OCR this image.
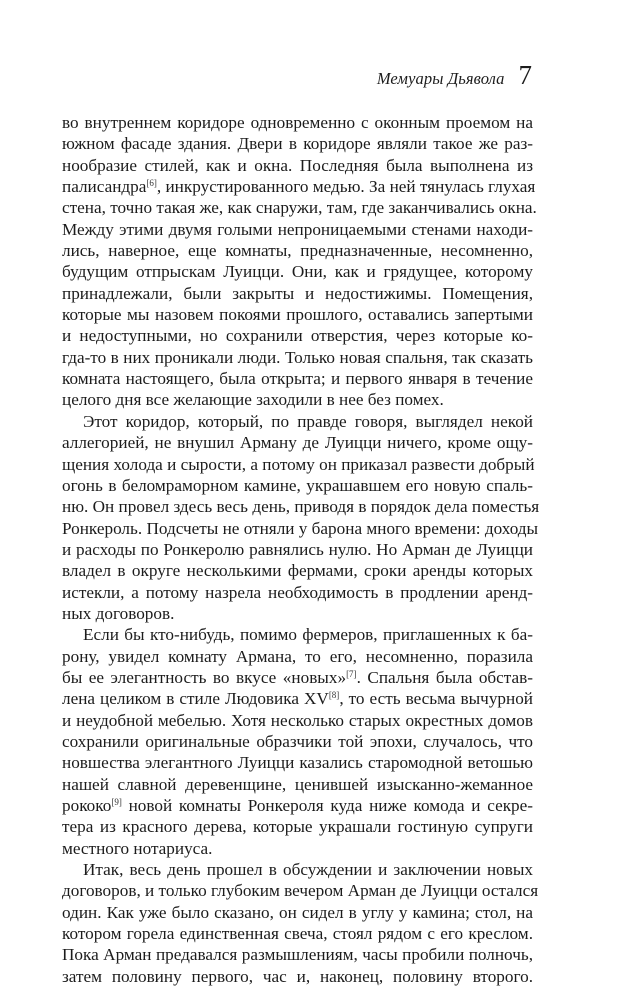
Мемуары Дьявола 7
во внутреннем коридоре одновременно с оконным проемом на
южном фасаде здания. Двери в коридоре являли такое же раз-
нообразие стилей, как и окна. Последняя была выполнена из
палисандра[6], инкрустированного медью. За ней тянулась глухая
стена, точно такая же, как снаружи, там, где заканчивались окна.
Между этими двумя голыми непроницаемыми стенами находи-
лись, наверное, еще комнаты, предназначенные, несомненно,
будущим отпрыскам Луицци. Они, как и грядущее, которому
принадлежали, были закрыты и недостижимы. Помещения,
которые мы назовем покоями прошлого, оставались запертыми
и недоступными, но сохранили отверстия, через которые ко-
гда-то в них проникали люди. Только новая спальня, так сказать
комната настоящего, была открыта; и первого января в течение
целого дня все желающие заходили в нее без помех.
Этот коридор, который, по правде говоря, выглядел некой
аллегорией, не внушил Арману де Луицци ничего, кроме ощу-
щения холода и сырости, а потому он приказал развести добрый
огонь в беломраморном камине, украшавшем его новую спаль-
ню. Он провел здесь весь день, приводя в порядок дела поместья
Ронкероль. Подсчеты не отняли у барона много времени: доходы
и расходы по Ронкеролю равнялись нулю. Но Арман де Луицци
владел в округе несколькими фермами, сроки аренды которых
истекли, а потому назрела необходимость в продлении аренд-
ных договоров.
Если бы кто-нибудь, помимо фермеров, приглашенных к ба-
рону, увидел комнату Армана, то его, несомненно, поразила
бы ее элегантность во вкусе «новых»[7]. Спальня была обстав-
лена целиком в стиле Людовика XV[8], то есть весьма вычурной
и неудобной мебелью. Хотя несколько старых окрестных домов
сохранили оригинальные образчики той эпохи, случалось, что
новшества элегантного Луицци казались старомодной ветошью
нашей славной деревенщине, ценившей изысканно-жеманное
рококо[9] новой комнаты Ронкероля куда ниже комода и секре-
тера из красного дерева, которые украшали гостиную супруги
местного нотариуса.
Итак, весь день прошел в обсуждении и заключении новых
договоров, и только глубоким вечером Арман де Луицци остался
один. Как уже было сказано, он сидел в углу у камина; стол, на
котором горела единственная свеча, стоял рядом с его креслом.
Пока Арман предавался размышлениям, часы пробили полночь,
затем половину первого, час и, наконец, половину второго.
